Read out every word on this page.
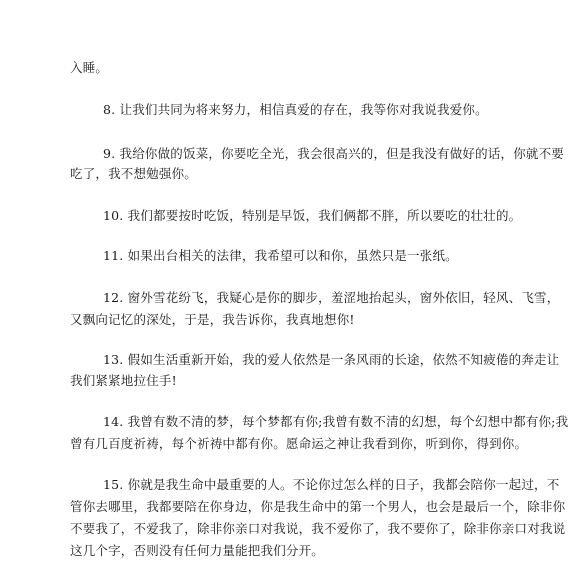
入睡。
8. 让我们共同为将来努力，相信真爱的存在，我等你对我说我爱你。
9. 我给你做的饭菜，你要吃全光，我会很高兴的，但是我没有做好的话，你就不要
吃了，我不想勉强你。
10. 我们都要按时吃饭，特别是早饭，我们俩都不胖，所以要吃的壮壮的。
11. 如果出台相关的法律，我希望可以和你，虽然只是一张纸。
12. 窗外雪花纷飞，我疑心是你的脚步，羞涩地抬起头，窗外依旧，轻风、飞雪，
又飘向记忆的深处，于是，我告诉你，我真地想你!
13. 假如生活重新开始，我的爱人依然是一条风雨的长途，依然不知疲倦的奔走让
我们紧紧地拉住手!
14. 我曾有数不清的梦，每个梦都有你;我曾有数不清的幻想，每个幻想中都有你;我
曾有几百度祈祷，每个祈祷中都有你。愿命运之神让我看到你，听到你，得到你。
15. 你就是我生命中最重要的人。不论你过怎么样的日子，我都会陪你一起过，不
管你去哪里，我都要陪在你身边，你是我生命中的第一个男人，也会是最后一个，除非你
不要我了，不爱我了，除非你亲口对我说，我不爱你了，我不要你了，除非你亲口对我说
这几个字，否则没有任何力量能把我们分开。
